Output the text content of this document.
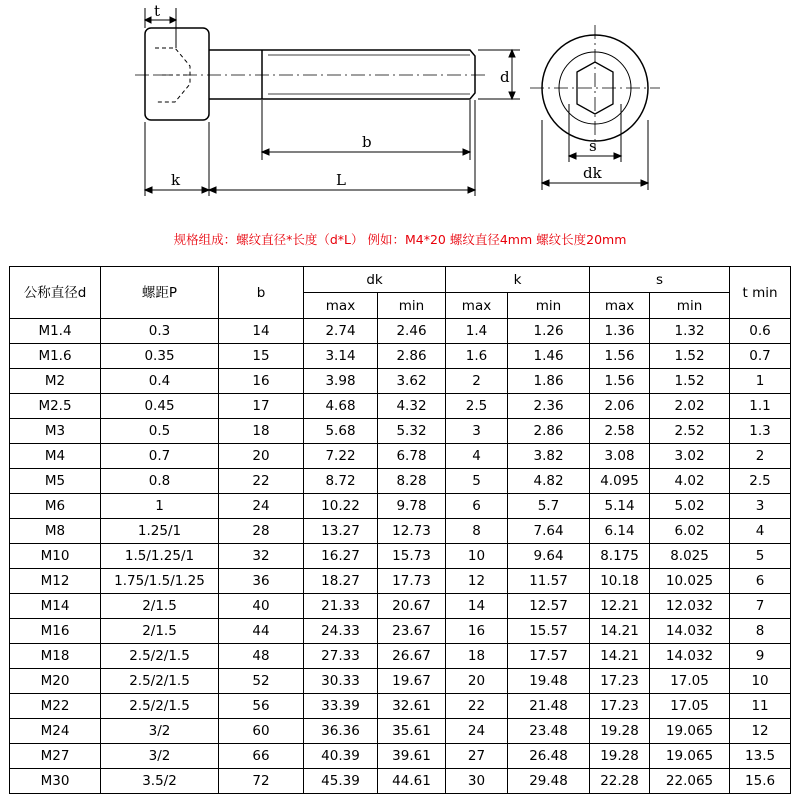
t
d
b
k	L
s
dk
规格组成：螺纹直径*长度（d*L） 例如：M4*20 螺纹直径4mm 螺纹长度20mm
公称直径d	螺距P	b	dk		k		s		t min
			max	min	max	min	max	min	
M1.4	0.3	14	2.74	2.46	1.4	1.26	1.36	1.32	0.6
M1.6	0.35	15	3.14	2.86	1.6	1.46	1.56	1.52	0.7
M2	0.4	16	3.98	3.62	2	1.86	1.56	1.52	1
M2.5	0.45	17	4.68	4.32	2.5	2.36	2.06	2.02	1.1
M3	0.5	18	5.68	5.32	3	2.86	2.58	2.52	1.3
M4	0.7	20	7.22	6.78	4	3.82	3.08	3.02	2
M5	0.8	22	8.72	8.28	5	4.82	4.095	4.02	2.5
M6	1	24	10.22	9.78	6	5.7	5.14	5.02	3
M8	1.25/1	28	13.27	12.73	8	7.64	6.14	6.02	4
M10	1.5/1.25/1	32	16.27	15.73	10	9.64	8.175	8.025	5
M12	1.75/1.5/1.25	36	18.27	17.73	12	11.57	10.18	10.025	6
M14	2/1.5	40	21.33	20.67	14	12.57	12.21	12.032	7
M16	2/1.5	44	24.33	23.67	16	15.57	14.21	14.032	8
M18	2.5/2/1.5	48	27.33	26.67	18	17.57	14.21	14.032	9
M20	2.5/2/1.5	52	30.33	19.67	20	19.48	17.23	17.05	10
M22	2.5/2/1.5	56	33.39	32.61	22	21.48	17.23	17.05	11
M24	3/2	60	36.36	35.61	24	23.48	19.28	19.065	12
M27	3/2	66	40.39	39.61	27	26.48	19.28	19.065	13.5
M30	3.5/2	72	45.39	44.61	30	29.48	22.28	22.065	15.6
